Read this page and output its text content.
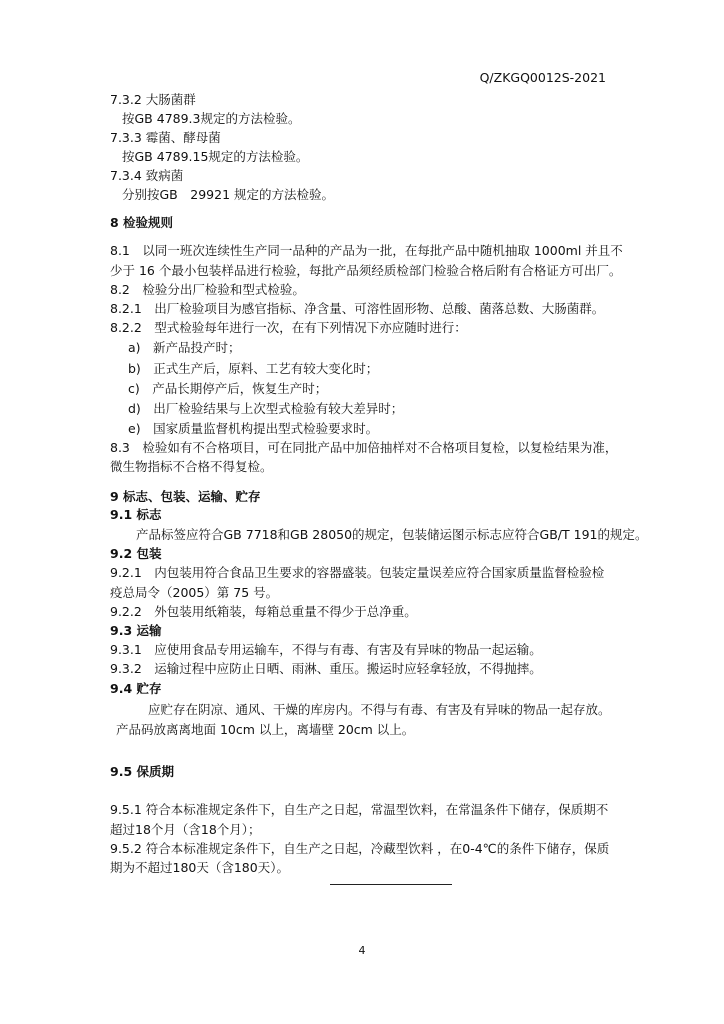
Q/ZKGQ0012S-2021
7.3.2 大肠菌群
按GB 4789.3规定的方法检验。
7.3.3 霉菌、酵母菌
按GB 4789.15规定的方法检验。
7.3.4 致病菌
分别按GB　29921 规定的方法检验。
8 检验规则
8.1　以同一班次连续性生产同一品种的产品为一批，在每批产品中随机抽取 1000ml 并且不
少于 16 个最小包装样品进行检验，每批产品须经质检部门检验合格后附有合格证方可出厂。
8.2　检验分出厂检验和型式检验。
8.2.1　出厂检验项目为感官指标、净含量、可溶性固形物、总酸、菌落总数、大肠菌群。
8.2.2　型式检验每年进行一次，在有下列情况下亦应随时进行：
a)　新产品投产时；
b)　正式生产后，原料、工艺有较大变化时；
c)　产品长期停产后，恢复生产时；
d)　出厂检验结果与上次型式检验有较大差异时；
e)　国家质量监督机构提出型式检验要求时。
8.3　检验如有不合格项目，可在同批产品中加倍抽样对不合格项目复检，以复检结果为准，
微生物指标不合格不得复检。
9 标志、包装、运输、贮存
9.1 标志
产品标签应符合GB 7718和GB 28050的规定，包装储运图示标志应符合GB/T 191的规定。
9.2 包装
9.2.1　内包装用符合食品卫生要求的容器盛装。包装定量误差应符合国家质量监督检验检
疫总局令（2005）第 75 号。
9.2.2　外包装用纸箱装，每箱总重量不得少于总净重。
9.3 运输
9.3.1　应使用食品专用运输车，不得与有毒、有害及有异味的物品一起运输。
9.3.2　运输过程中应防止日晒、雨淋、重压。搬运时应轻拿轻放，不得抛摔。
9.4 贮存
应贮存在阴凉、通风、干燥的库房内。不得与有毒、有害及有异味的物品一起存放。
产品码放离离地面 10cm 以上，离墙壁 20cm 以上。
9.5 保质期
9.5.1 符合本标准规定条件下，自生产之日起，常温型饮料，在常温条件下储存，保质期不
超过18个月（含18个月）；
9.5.2 符合本标准规定条件下，自生产之日起，冷藏型饮料 ，在0-4℃的条件下储存，保质
期为不超过180天（含180天）。
4
